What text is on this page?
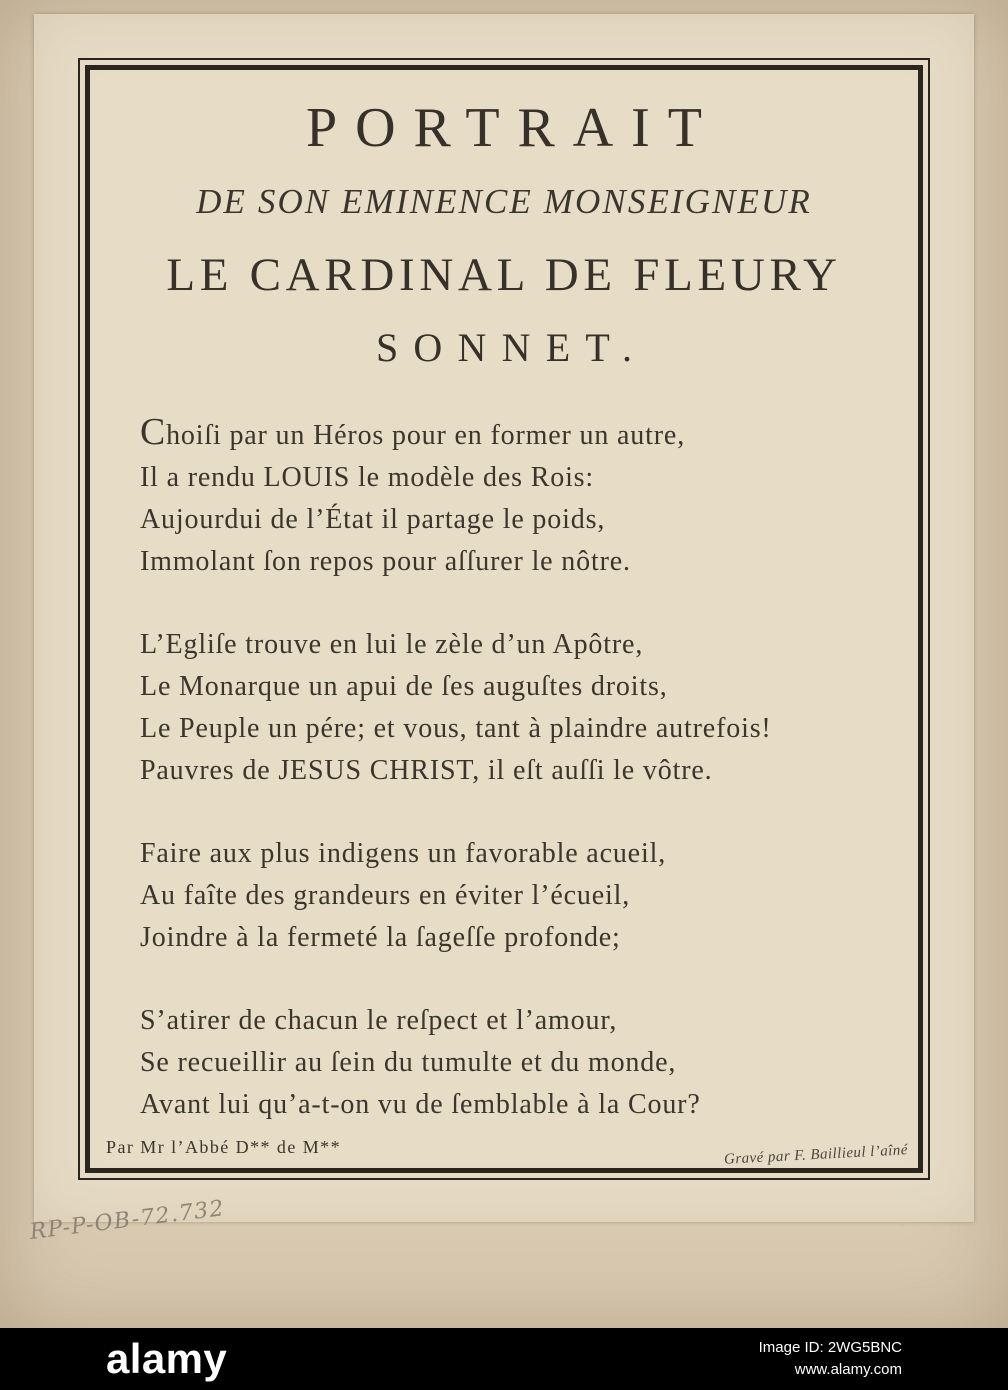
PORTRAIT
DE SON EMINENCE MONSEIGNEUR
LE CARDINAL DE FLEURY
SONNET.
Choiſi par un Héros pour en former un autre,
Il a rendu LOUIS le modèle des Rois:
Aujourdui de l’État il partage le poids,
Immolant ſon repos pour aſſurer le nôtre.
L’Egliſe trouve en lui le zèle d’un Apôtre,
Le Monarque un apui de ſes auguſtes droits,
Le Peuple un pére; et vous, tant à plaindre autrefois!
Pauvres de JESUS CHRIST, il eſt auſſi le vôtre.
Faire aux plus indigens un favorable acueil,
Au faîte des grandeurs en éviter l’écueil,
Joindre à la fermeté la ſageſſe profonde;
S’atirer de chacun le reſpect et l’amour,
Se recueillir au ſein du tumulte et du monde,
Avant lui qu’a-t-on vu de ſemblable à la Cour?
Par Mr l’Abbé D** de M**	Gravé par F. Baillieul l’aîné
RP-P-OB-72.732
alamy	Image ID: 2WG5BNC
www.alamy.com
